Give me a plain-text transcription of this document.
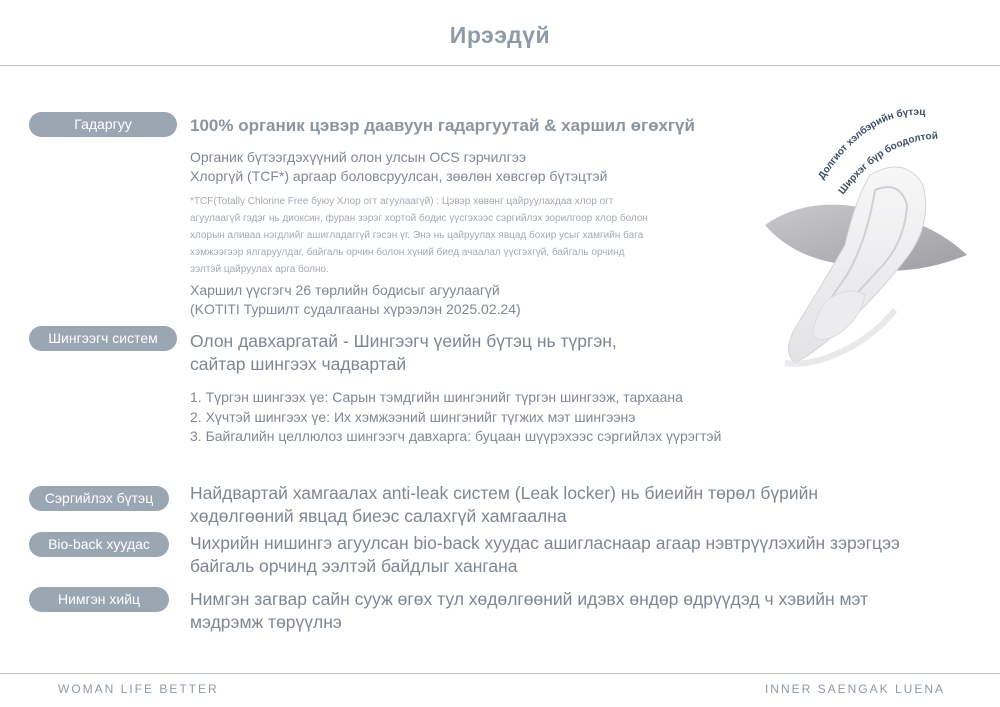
Ирээдүй
Гадаргуу	100% органик цэвэр даавуун гадаргуутай & харшил өгөхгүй
Органик бүтээгдэхүүний олон улсын OCS гэрчилгээ
Хлоргүй (TCF*) аргаар боловсруулсан, зөөлөн хөвсгөр бүтэцтэй
*TCF(Totally Chlorine Free буюу Хлор огт агуулаагүй) : Цэвэр хөвөнг цайруулахдаа хлор огт
агуулаагүй гэдэг нь диоксин, фуран зэрэг хортой бодис үүсгэхээс сэргийлэх зорилгоор хлор болон
хлорын аливаа нэгдлийг ашигладаггүй гэсэн үг. Энэ нь цайруулах явцад бохир усыг хамгийн бага
хэмжээгээр ялгаруулдаг, байгаль орчин болон хүний биед ачаалал үүсгэхгүй, байгаль орчинд
ээлтэй цайруулах арга болно.
Харшил үүсгэгч 26 төрлийн бодисыг агуулаагүй
(KOTITI Туршилт судалгааны хүрээлэн 2025.02.24)
Шингээгч систем	Олон давхаргатай - Шингээгч үеийн бүтэц нь түргэн,
сайтар шингээх чадвартай
1. Түргэн шингээх үе: Сарын тэмдгийн шингэнийг түргэн шингээж, тархаана
2. Хүчтэй шингээх үе: Их хэмжээний шингэнийг түгжих мэт шингээнэ
3. Байгалийн целлюлоз шингээгч давхарга: буцаан шүүрэхээс сэргийлэх үүрэгтэй
Сэргийлэх бүтэц	Найдвартай хамгаалах anti-leak систем (Leak locker) нь биеийн төрөл бүрийн
хөдөлгөөний явцад биеэс салахгүй хамгаална
Bio-back хуудас	Чихрийн нишингэ агуулсан bio-back хуудас ашигласнаар агаар нэвтрүүлэхийн зэрэгцээ
байгаль орчинд ээлтэй байдлыг хангана
Нимгэн хийц	Нимгэн загвар сайн сууж өгөх тул хөдөлгөөний идэвх өндөр өдрүүдэд ч хэвийн мэт
мэдрэмж төрүүлнэ
Долгиот хэлбэрийн бүтэц
Ширхэг бүр боодолтой
WOMAN LIFE BETTER	INNER SAENGAK LUENA
